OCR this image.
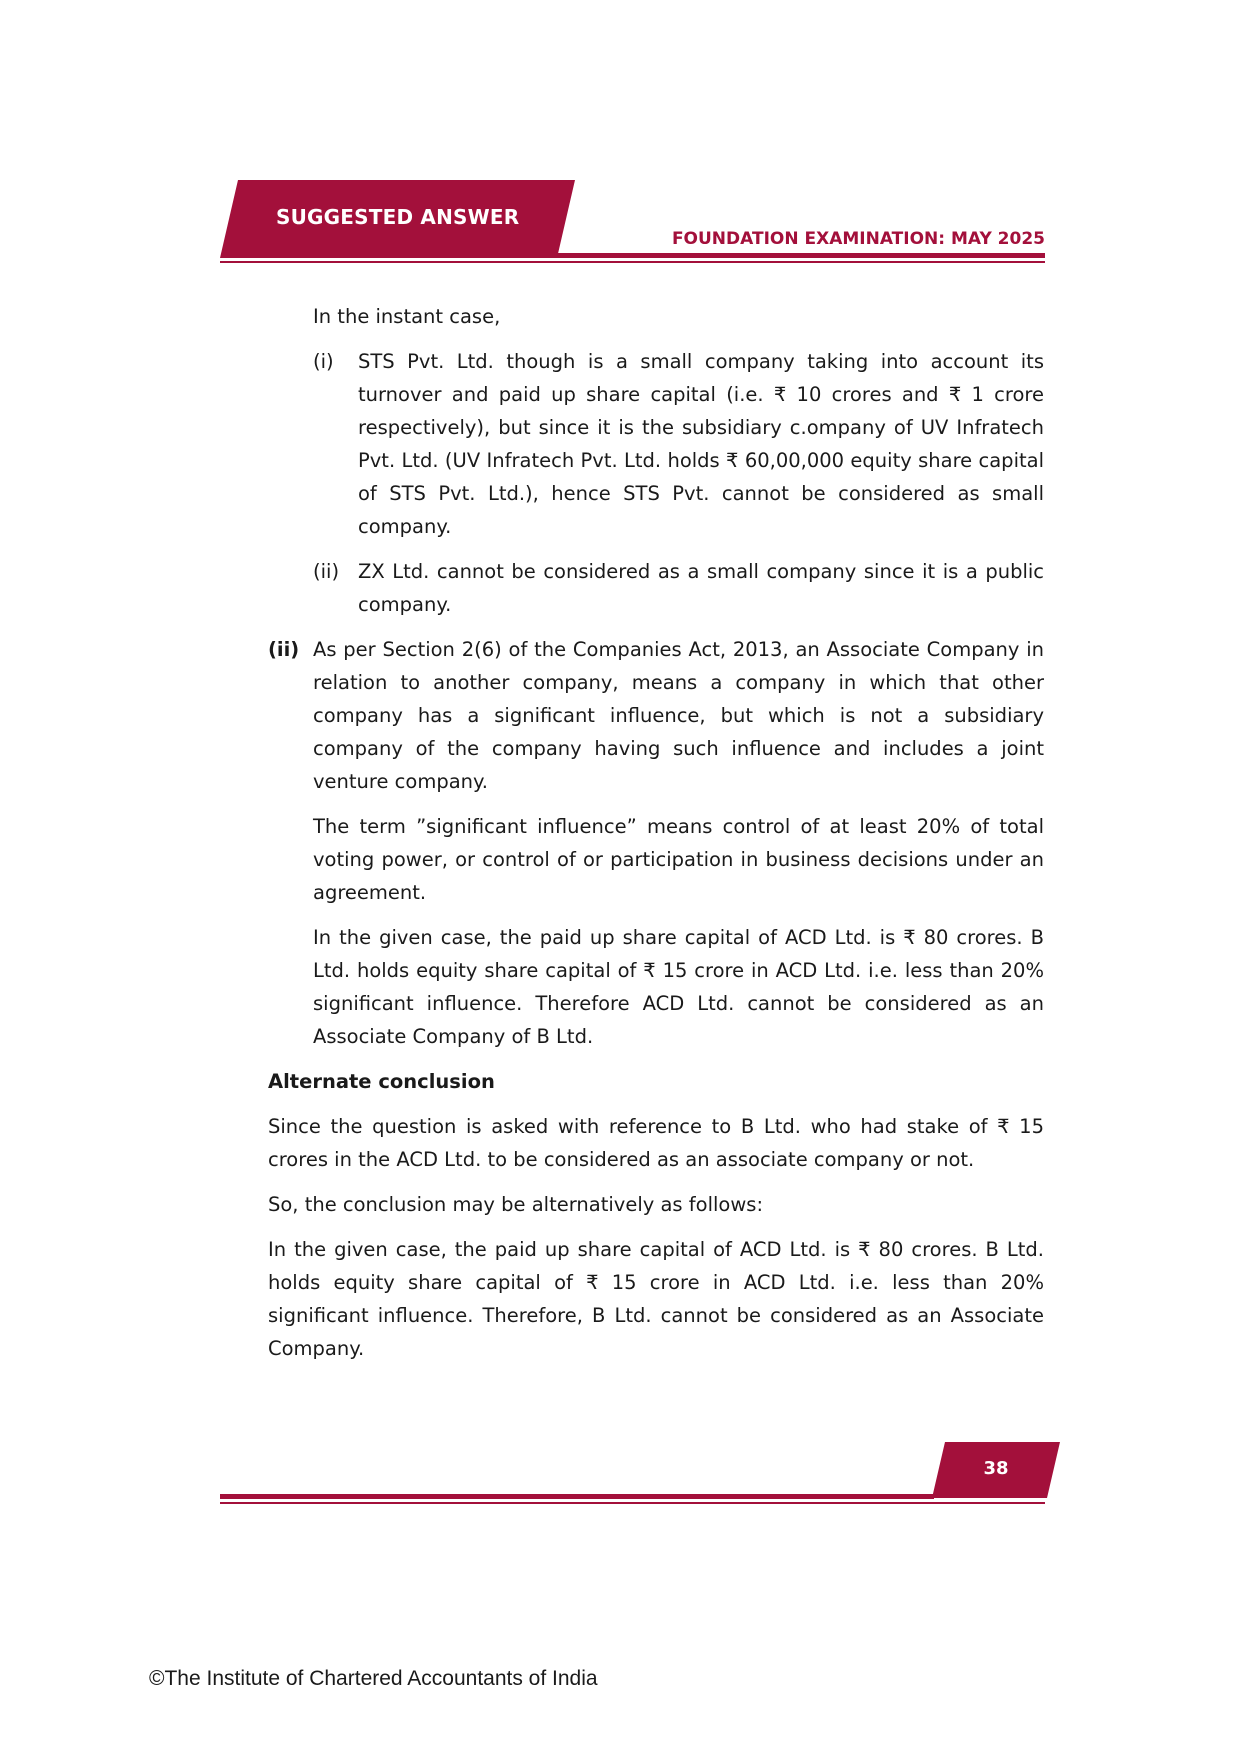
SUGGESTED ANSWER
FOUNDATION EXAMINATION: MAY 2025

In the instant case,

(i) STS Pvt. Ltd. though is a small company taking into account its turnover and paid up share capital (i.e. ₹ 10 crores and ₹ 1 crore respectively), but since it is the subsidiary c.ompany of UV Infratech Pvt. Ltd. (UV Infratech Pvt. Ltd. holds ₹ 60,00,000 equity share capital of STS Pvt. Ltd.), hence STS Pvt. cannot be considered as small company.
(ii) ZX Ltd. cannot be considered as a small company since it is a public company.
(ii) As per Section 2(6) of the Companies Act, 2013, an Associate Company in relation to another company, means a company in which that other company has a significant influence, but which is not a subsidiary company of the company having such influence and includes a joint venture company.

The term ”significant influence” means control of at least 20% of total voting power, or control of or participation in business decisions under an agreement.

In the given case, the paid up share capital of ACD Ltd. is ₹ 80 crores. B Ltd. holds equity share capital of ₹ 15 crore in ACD Ltd. i.e. less than 20% significant influence. Therefore ACD Ltd. cannot be considered as an Associate Company of B Ltd.

Alternate conclusion

Since the question is asked with reference to B Ltd. who had stake of ₹ 15 crores in the ACD Ltd. to be considered as an associate company or not.

So, the conclusion may be alternatively as follows:

In the given case, the paid up share capital of ACD Ltd. is ₹ 80 crores. B Ltd. holds equity share capital of ₹ 15 crore in ACD Ltd. i.e. less than 20% significant influence. Therefore, B Ltd. cannot be considered as an Associate Company.

38
©The Institute of Chartered Accountants of India
